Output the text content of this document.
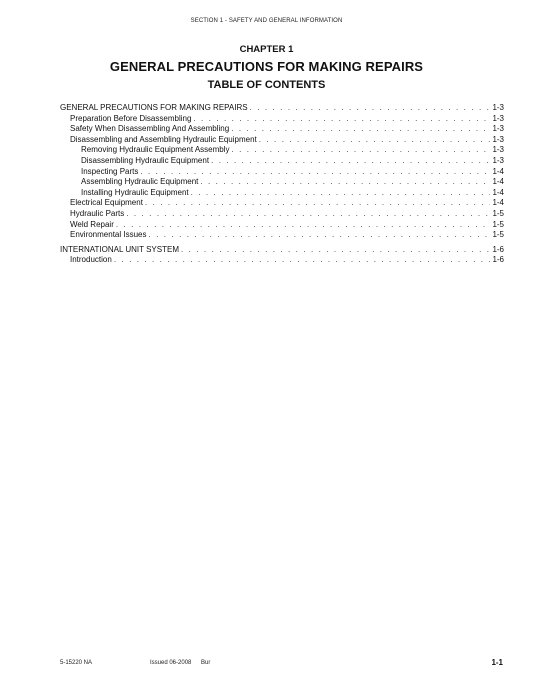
SECTION 1 - SAFETY AND GENERAL INFORMATION
CHAPTER 1
GENERAL PRECAUTIONS FOR MAKING REPAIRS
TABLE OF CONTENTS
GENERAL PRECAUTIONS FOR MAKING REPAIRS . . .	1-3
Preparation Before Disassembling . . .	1-3
Safety When Disassembling And Assembling . . .	1-3
Disassembling and Assembling Hydraulic Equipment . . .	1-3
Removing Hydraulic Equipment Assembly . . .	1-3
Disassembling Hydraulic Equipment . . .	1-3
Inspecting Parts . . .	1-4
Assembling Hydraulic Equipment . . .	1-4
Installing Hydraulic Equipment . . .	1-4
Electrical Equipment . . .	1-4
Hydraulic Parts . . .	1-5
Weld Repair . . .	1-5
Environmental Issues . . .	1-5
INTERNATIONAL UNIT SYSTEM . . .	1-6
Introduction . . .	1-6
5-15220 NA	Issued 06-2008 Bur	1-1
